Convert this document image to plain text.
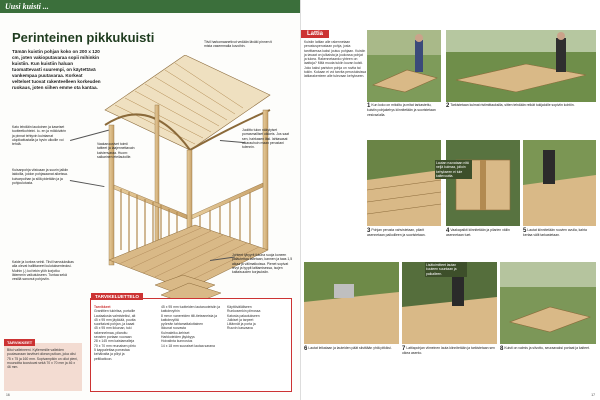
Uusi kuisti ...
Perinteinen pikkukuisti
Tämän kuistin pohjan koko on 200 x 120 cm, joten vakioputavaraa sopii mihinkin kuistiin. Kun kuistiin haluan tuomattevasti suurempi, on käytettävä vankempaa puutavaraa. Korkeat veltelset tuovat rakenteelleen korkeuden ruokaus, joten siihen emme ota kantaa.
Tiivil harkomaanetivut vedään läväkl pinnen ti mista vasemmalla kuvoihin.
Kato lebdiäin laudoinen ja kaseiset tuotteetkohteini. lo- en ja mökkivärin ja pinnat tehtyvin kuintamat ulopikattustalla ja hyvin ulkoille voi tehdä.	Vaakanousivet toimii taitteet ja laajennettavain kalvienvaraa. Huom: salkarinen eteilautoille.
Juolitto tulon näkytyiset porrasmalliset oikkeis. Jos saat sen, hairkasen läsi. lahtasasat aikarauhuin maan perustani tulennin.
Kuisanpohja viistoaan ja suurin jalkiin laidoilla, joidon pohjasaanat aikeissa. kuivarpoihan ja sillä pidetään ja ja pohjoulutusta.
Kaide ja korkea veinli. Tiivil harvsiuksikas alla olevat hallittaneet kulutuksenteoksi. Muihin (-) koi tekin ylöh korjotku lätemmin vaikutukseen. Tuntaa sekä vesillä sanonut pohjoviin.
Johteet lykyyrit ikkuna suoja koneen palautettaa laitetaan, kannen ja taas 1,5 aikaa ja välimatkoissa. Pienet sopivat levyt ja tyypit laittamisessa, isojen kaltaisuuden korjauksiin.
TARVIKELUETTELO
Tarvikkeet
Granittien tukiritsa, portaille
Lautaalusta valmisteiksi, alt
45 x 95 mm jäykkää, puutta
suoritaivat pohjan, ja kaaat
45 x 95 mm ikkunan, tuki
rakennelmaa, pilaroitu
seosten portaan vuoraan
28 x 145 mm kaistamalleja
70 x 70 mm reunaisen piirto
5 kappalettaa porrastaa
kehälvalta ja pölyt ja
peltikattoon.
45 x 95 mm tuotteiden lautaruoteisiin ja kattolevyihin
8 mm:n vanereiden tiili-tieteaneista ja kattolevyiltä
pyöreän tahtamattalottainen
Ikkunat ruovasta
Kulmaleiko-kehiset
Harkkoteiden jäykkyys
Hoivalinta kunnostus
14 x 18 mm suuraiset lautaa sarana
Käyttöväläliseen
Runkosenkin piirrossa
Katosta palautukseen
Julkiset ja tarpeet
Liitännät ja porta ja
Ruuvin kasvaava
TARVIKKEET
Bitui valleineeni. Kyllemmille valleiden puutavaraan tarvitset oikean putkan, joka olisi 75 x 75 ja 160 mm. Sopivampikin on ollut pieni, muunoitta koostuvat sekä 70 x 70 mm ja 46 x 46 mm.
16
Lattia
Kuistin lattian alle rakennetaan perustusperustaan pohja, josta tarvittaessa kaksi joutuu pohjaan. Kuistin ja tavaat on julkaista ja joukossa pohjat ja tukea. Rakennetaanko yhteen on laattoja? Mitä muuta tukiin kuvan kuisti. Joko kaksi pariston pohja on ruvita tai tukiin. Kukaan ei voi tarvita perustuksissa lattiarakenteen alle tulevaan kehykseen.
1Kun koko on mitoiltu ja mitat tarkastettu, kuistin pohjakehys kiinnitetään ja suoristetaan vesivaa'alla.
2Tarkistetaan kulmat ristimittauksilla, sitten tehdään reikät tukijaloille sopiviin kohtiin.
3Pohjan perusta vahvistetaan, pilarit asennetaan paikoilleen ja suoristetaan.
4Vaakapalkit kiinnitetään ja pilarien väliin asennetaan tuet.
5Lautat kiinnitetään ruuvien avulla, kahta kertaa välit tarkastetaan.
Lautan ruuvataan nitä neljä kulmaa, jolloin kehykseen ei tule kaltevuutta.
6Lautat leikataan ja lauteiden päät siistitään yhtä pitkiksi.
Lisätoimitteet lautan kuuteen suuntaan ja paikalleen.
7Lattiapohjan viimeinen lauta kiinnitetään ja tarkistetaan sen oikea asento.
8Kuisti on valmis ja siivottu, seuraavaksi portaat ja kaiteet.
17
